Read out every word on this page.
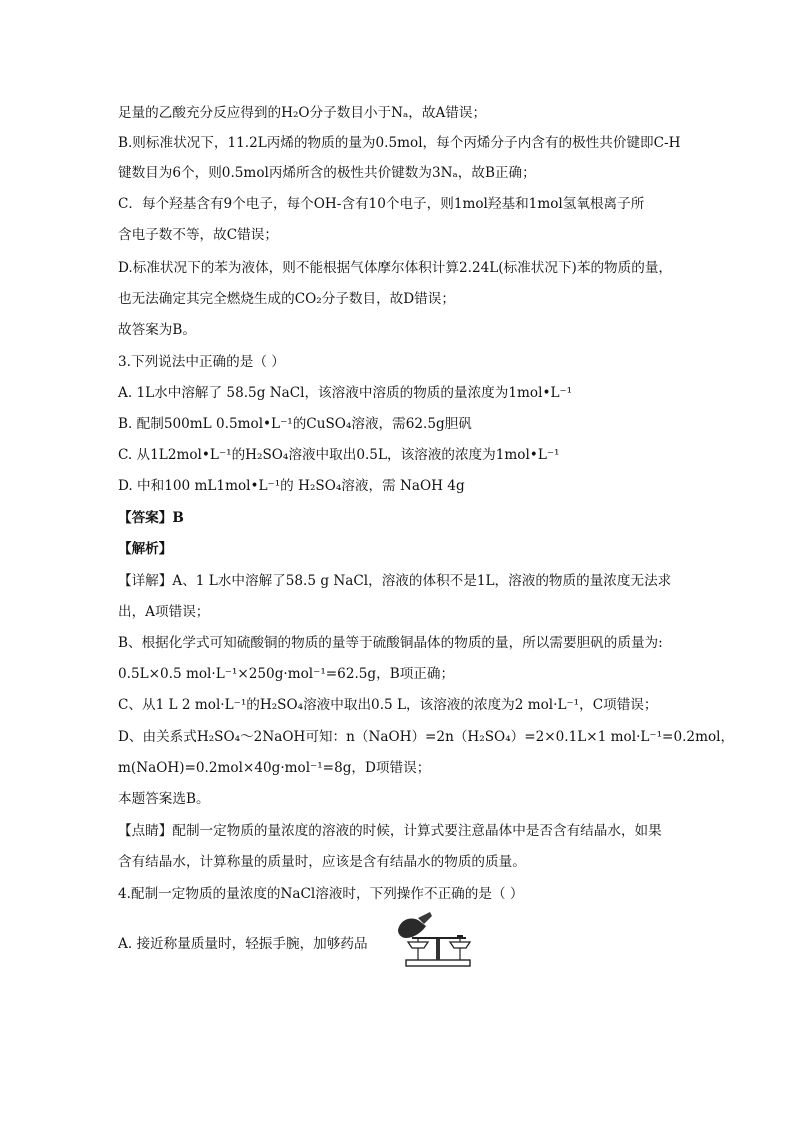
足量的乙酸充分反应得到的H₂O分子数目小于Nₐ，故A错误；
B.则标准状况下，11.2L丙烯的物质的量为0.5mol，每个丙烯分子内含有的极性共价键即C-H
键数目为6个，则0.5mol丙烯所含的极性共价键数为3Nₐ，故B正确；
C．每个羟基含有9个电子，每个OH-含有10个电子，则1mol羟基和1mol氢氧根离子所
含电子数不等，故C错误；
D.标准状况下的苯为液体，则不能根据气体摩尔体积计算2.24L(标准状况下)苯的物质的量，
也无法确定其完全燃烧生成的CO₂分子数目，故D错误；
故答案为B。
3.下列说法中正确的是（ ）
A. 1L水中溶解了 58.5g NaCl，该溶液中溶质的物质的量浓度为1mol•L⁻¹
B. 配制500mL 0.5mol•L⁻¹的CuSO₄溶液，需62.5g胆矾
C. 从1L2mol•L⁻¹的H₂SO₄溶液中取出0.5L，该溶液的浓度为1mol•L⁻¹
D. 中和100 mL1mol•L⁻¹的 H₂SO₄溶液，需 NaOH 4g
【答案】B
【解析】
【详解】A、1 L水中溶解了58.5 g NaCl，溶液的体积不是1L，溶液的物质的量浓度无法求
出，A项错误；
B、根据化学式可知硫酸铜的物质的量等于硫酸铜晶体的物质的量，所以需要胆矾的质量为:
0.5L×0.5 mol·L⁻¹×250g·mol⁻¹=62.5g，B项正确；
C、从1 L 2 mol·L⁻¹的H₂SO₄溶液中取出0.5 L，该溶液的浓度为2 mol·L⁻¹，C项错误；
D、由关系式H₂SO₄～2NaOH可知：n（NaOH）=2n（H₂SO₄）=2×0.1L×1 mol·L⁻¹=0.2mol，
m(NaOH)=0.2mol×40g·mol⁻¹=8g，D项错误；
本题答案选B。
【点睛】配制一定物质的量浓度的溶液的时候，计算式要注意晶体中是否含有结晶水，如果
含有结晶水，计算称量的质量时，应该是含有结晶水的物质的质量。
4.配制一定物质的量浓度的NaCl溶液时，下列操作不正确的是（ ）
A. 接近称量质量时，轻振手腕，加够药品
